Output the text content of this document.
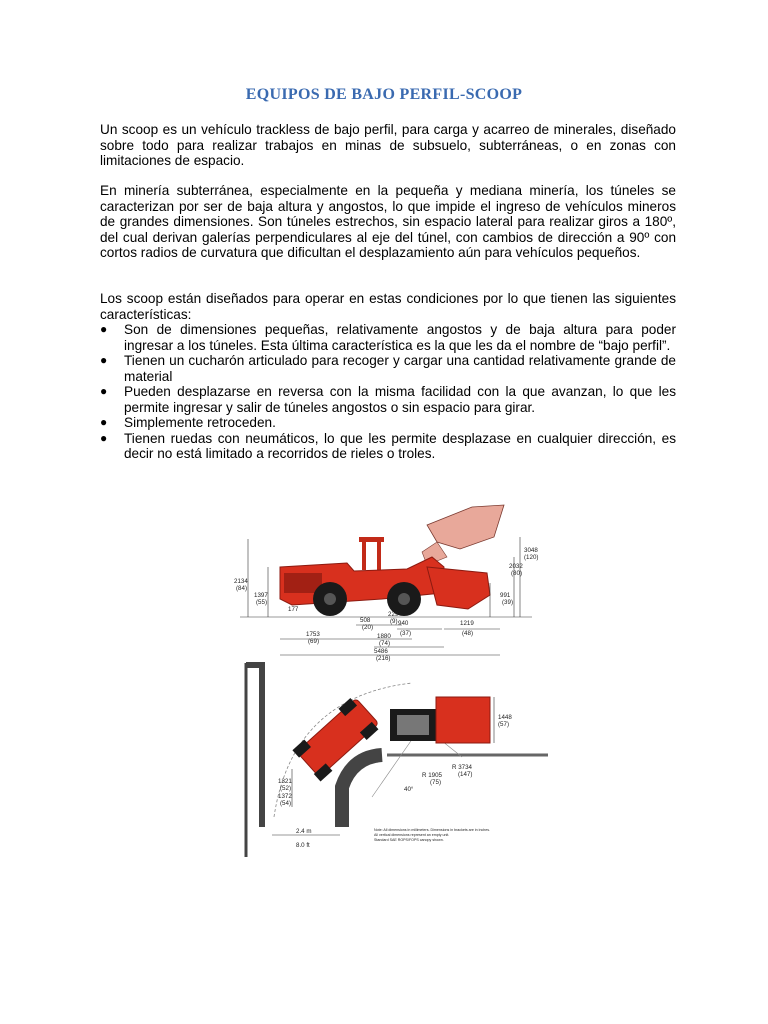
EQUIPOS DE BAJO PERFIL-SCOOP

Un scoop es un vehículo trackless de bajo perfil, para carga y acarreo de minerales, diseñado sobre todo para realizar trabajos en minas de subsuelo, subterráneas, o en zonas con limitaciones de espacio.

En minería subterránea, especialmente en la pequeña y mediana minería, los túneles se caracterizan por ser de baja altura y angostos, lo que impide el ingreso de vehículos mineros de grandes dimensiones. Son túneles estrechos, sin espacio lateral para realizar giros a 180º, del cual derivan galerías perpendiculares al eje del túnel, con cambios de dirección a 90º con cortos radios de curvatura que dificultan el desplazamiento aún para vehículos pequeños.

Los scoop están diseñados para operar en estas condiciones por lo que tienen las siguientes características:

● Son de dimensiones pequeñas, relativamente angostos y de baja altura para poder ingresar a los túneles. Esta última característica es la que les da el nombre de “bajo perfil”.
● Tienen un cucharón articulado para recoger y cargar una cantidad relativamente grande de material
● Pueden desplazarse en reversa con la misma facilidad con la que avanzan, lo que les permite ingresar y salir de túneles angostos o sin espacio para girar.
● Simplemente retroceden.
● Tienen ruedas con neumáticos, lo que les permite desplazase en cualquier dirección, es decir no está limitado a recorridos de rieles o troles.
2134
(84)
1397
(55)
177
3048
(120)
2032
(80)
991
(39)
508
(20)
229
(9) 940
(37)
1219
(48)
1753
(69)
1880
(74)
5486
(216)
1448
(57)
R 1905
(75)
R 3734
(147)
40°
1321
(52)
1372
(54)
2.4 m
8.0 ft
Note: All dimensions in millimeters. Dimensions in brackets are in inches.
All vertical dimensions represent an empty unit.
Standard SAE ROPS/FOPS canopy shown.
